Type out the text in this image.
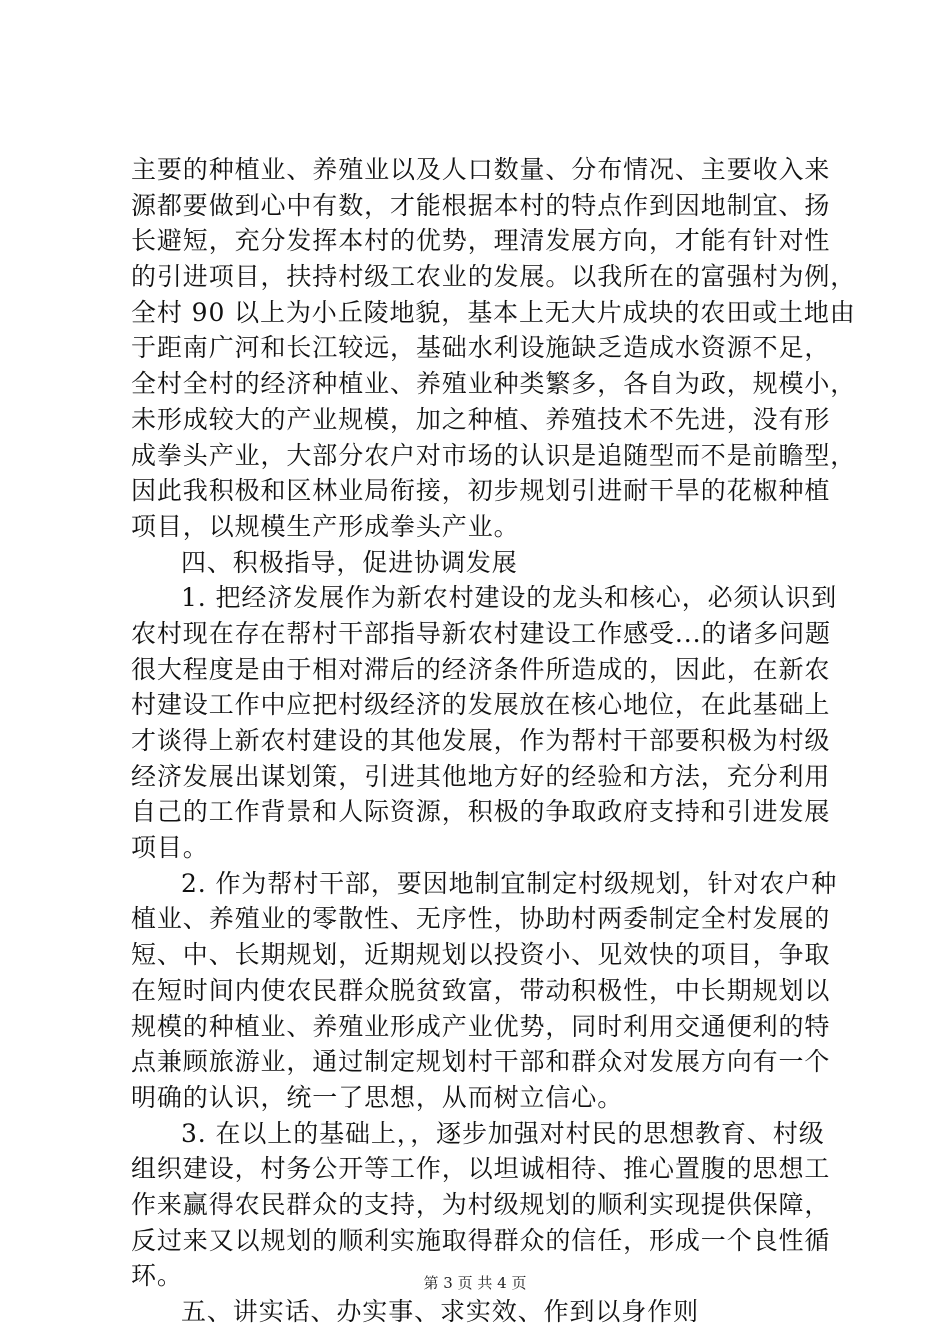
主要的种植业、养殖业以及人口数量、分布情况、主要收入来
源都要做到心中有数，才能根据本村的特点作到因地制宜、扬
长避短，充分发挥本村的优势，理清发展方向，才能有针对性
的引进项目，扶持村级工农业的发展。以我所在的富强村为例，
全村 90 以上为小丘陵地貌，基本上无大片成块的农田或土地由
于距南广河和长江较远，基础水利设施缺乏造成水资源不足，
全村全村的经济种植业、养殖业种类繁多，各自为政，规模小，
未形成较大的产业规模，加之种植、养殖技术不先进，没有形
成拳头产业，大部分农户对市场的认识是追随型而不是前瞻型，
因此我积极和区林业局衔接，初步规划引进耐干旱的花椒种植
项目，以规模生产形成拳头产业。
四、积极指导，促进协调发展
1. 把经济发展作为新农村建设的龙头和核心，必须认识到
农村现在存在帮村干部指导新农村建设工作感受...的诸多问题
很大程度是由于相对滞后的经济条件所造成的，因此，在新农
村建设工作中应把村级经济的发展放在核心地位，在此基础上
才谈得上新农村建设的其他发展，作为帮村干部要积极为村级
经济发展出谋划策，引进其他地方好的经验和方法，充分利用
自己的工作背景和人际资源，积极的争取政府支持和引进发展
项目。
2. 作为帮村干部，要因地制宜制定村级规划，针对农户种
植业、养殖业的零散性、无序性，协助村两委制定全村发展的
短、中、长期规划，近期规划以投资小、见效快的项目，争取
在短时间内使农民群众脱贫致富，带动积极性，中长期规划以
规模的种植业、养殖业形成产业优势，同时利用交通便利的特
点兼顾旅游业，通过制定规划村干部和群众对发展方向有一个
明确的认识，统一了思想，从而树立信心。
3. 在以上的基础上，，逐步加强对村民的思想教育、村级
组织建设，村务公开等工作，以坦诚相待、推心置腹的思想工
作来赢得农民群众的支持，为村级规划的顺利实现提供保障，
反过来又以规划的顺利实施取得群众的信任，形成一个良性循
环。
五、讲实话、办实事、求实效、作到以身作则
第 3 页 共 4 页
